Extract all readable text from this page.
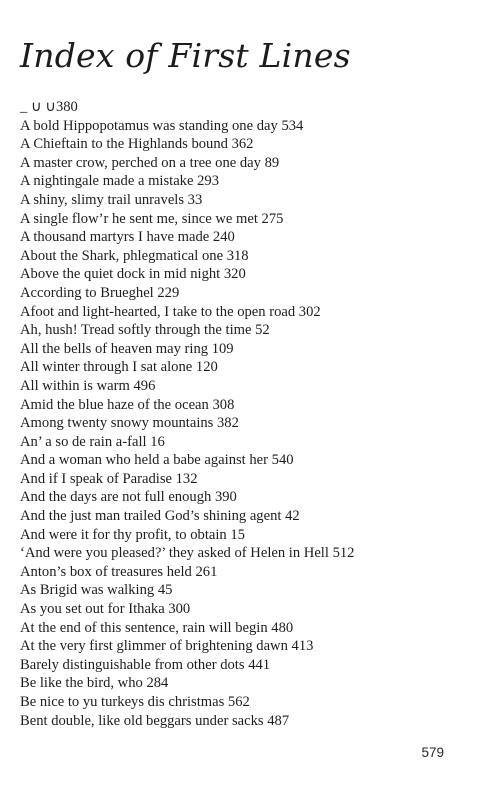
Index of First Lines
_ ∪ ∪380
A bold Hippopotamus was standing one day 534
A Chieftain to the Highlands bound 362
A master crow, perched on a tree one day 89
A nightingale made a mistake 293
A shiny, slimy trail unravels 33
A single flow’r he sent me, since we met 275
A thousand martyrs I have made 240
About the Shark, phlegmatical one 318
Above the quiet dock in mid night 320
According to Brueghel 229
Afoot and light-hearted, I take to the open road 302
Ah, hush! Tread softly through the time 52
All the bells of heaven may ring 109
All winter through I sat alone 120
All within is warm 496
Amid the blue haze of the ocean 308
Among twenty snowy mountains 382
An’ a so de rain a-fall 16
And a woman who held a babe against her 540
And if I speak of Paradise 132
And the days are not full enough 390
And the just man trailed God’s shining agent 42
And were it for thy profit, to obtain 15
‘And were you pleased?’ they asked of Helen in Hell 512
Anton’s box of treasures held 261
As Brigid was walking 45
As you set out for Ithaka 300
At the end of this sentence, rain will begin 480
At the very first glimmer of brightening dawn 413
Barely distinguishable from other dots 441
Be like the bird, who 284
Be nice to yu turkeys dis christmas 562
Bent double, like old beggars under sacks 487
579
